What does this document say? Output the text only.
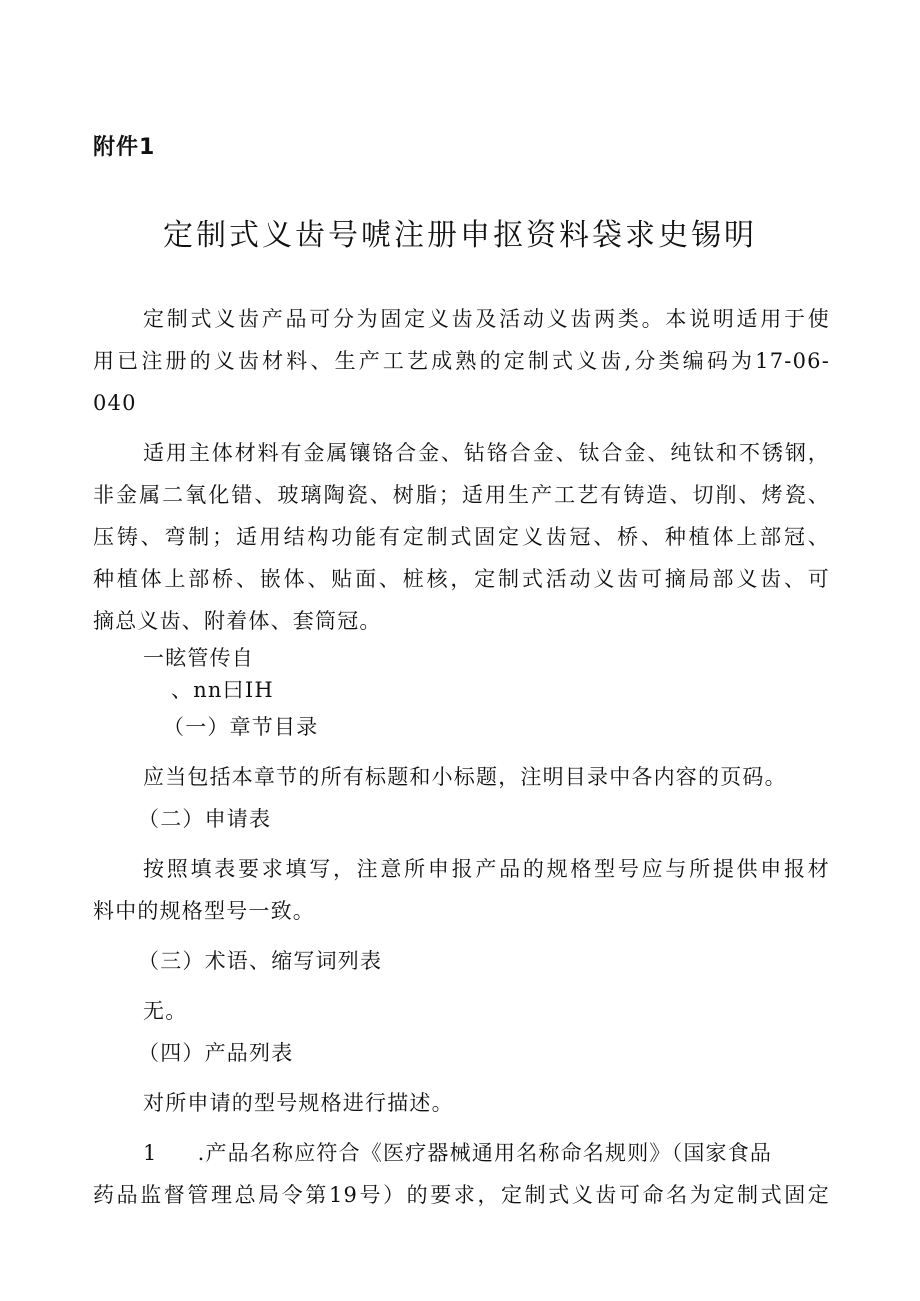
附件1
定制式义齿号唬注册申抠资料袋求史锡明
定制式义齿产品可分为固定义齿及活动义齿两类。本说明适用于使
用已注册的义齿材料、生产工艺成熟的定制式义齿,分类编码为17-06-
040
适用主体材料有金属镶铬合金、钻铬合金、钛合金、纯钛和不锈钢，
非金属二氧化错、玻璃陶瓷、树脂；适用生产工艺有铸造、切削、烤瓷、
压铸、弯制；适用结构功能有定制式固定义齿冠、桥、种植体上部冠、
种植体上部桥、嵌体、贴面、桩核，定制式活动义齿可摘局部义齿、可
摘总义齿、附着体、套筒冠。
一眩管传自
、nn曰IH
（一）章节目录
应当包括本章节的所有标题和小标题，注明目录中各内容的页码。
（二）申请表
按照填表要求填写，注意所申报产品的规格型号应与所提供申报材
料中的规格型号一致。
（三）术语、缩写词列表
无。
（四）产品列表
对所申请的型号规格进行描述。
1 .产品名称应符合《医疗器械通用名称命名规则》（国家食品
药品监督管理总局令第19号）的要求，定制式义齿可命名为定制式固定
